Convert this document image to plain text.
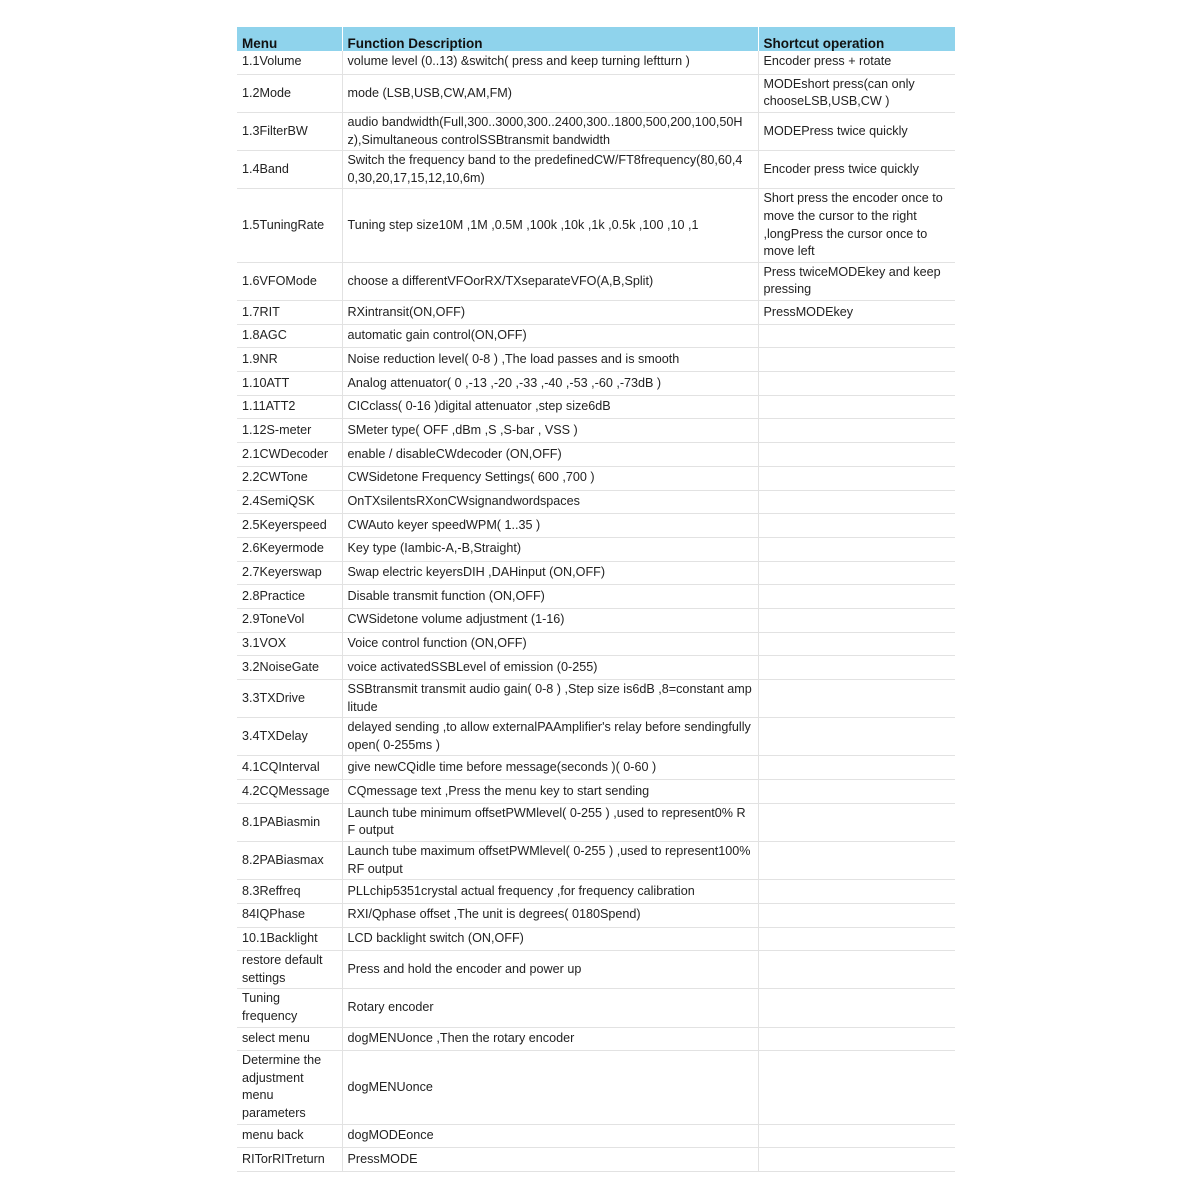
Menu	Function Description	Shortcut operation
1.1Volume	volume level (0..13) &switch( press and keep turning leftturn )	Encoder press + rotate
1.2Mode	mode (LSB,USB,CW,AM,FM)	MODEshort press(can only chooseLSB,USB,CW )
1.3FilterBW	audio bandwidth(Full,300..3000,300..2400,300..1800,500,200,100,50Hz),Simultaneous controlSSBtransmit bandwidth	MODEPress twice quickly
1.4Band	Switch the frequency band to the predefinedCW/FT8frequency(80,60,40,30,20,17,15,12,10,6m)	Encoder press twice quickly
1.5TuningRate	Tuning step size10M ,1M ,0.5M ,100k ,10k ,1k ,0.5k ,100 ,10 ,1	Short press the encoder once to move the cursor to the right ,longPress the cursor once to move left
1.6VFOMode	choose a differentVFOorRX/TXseparateVFO(A,B,Split)	Press twiceMODEkey and keep pressing
1.7RIT	RXintransit(ON,OFF)	PressMODEkey
1.8AGC	automatic gain control(ON,OFF)	
1.9NR	Noise reduction level( 0-8 ) ,The load passes and is smooth	
1.10ATT	Analog attenuator( 0 ,-13 ,-20 ,-33 ,-40 ,-53 ,-60 ,-73dB )	
1.11ATT2	CICclass( 0-16 )digital attenuator ,step size6dB	
1.12S-meter	SMeter type( OFF ,dBm ,S ,S-bar , VSS )	
2.1CWDecoder	enable / disableCWdecoder (ON,OFF)	
2.2CWTone	CWSidetone Frequency Settings( 600 ,700 )	
2.4SemiQSK	OnTXsilentsRXonCWsignandwordspaces	
2.5Keyerspeed	CWAuto keyer speedWPM( 1..35 )	
2.6Keyermode	Key type (Iambic-A,-B,Straight)	
2.7Keyerswap	Swap electric keyersDIH ,DAHinput (ON,OFF)	
2.8Practice	Disable transmit function (ON,OFF)	
2.9ToneVol	CWSidetone volume adjustment (1-16)	
3.1VOX	Voice control function (ON,OFF)	
3.2NoiseGate	voice activatedSSBLevel of emission (0-255)	
3.3TXDrive	SSBtransmit transmit audio gain( 0-8 ) ,Step size is6dB ,8=constant amplitude	
3.4TXDelay	delayed sending ,to allow externalPAAmplifier's relay before sendingfully open( 0-255ms )	
4.1CQInterval	give newCQidle time before message(seconds )( 0-60 )	
4.2CQMessage	CQmessage text ,Press the menu key to start sending	
8.1PABiasmin	Launch tube minimum offsetPWMlevel( 0-255 ) ,used to represent0% RF output	
8.2PABiasmax	Launch tube maximum offsetPWMlevel( 0-255 ) ,used to represent100% RF output	
8.3Reffreq	PLLchip5351crystal actual frequency ,for frequency calibration	
84IQPhase	RXI/Qphase offset ,The unit is degrees( 0180Spend)	
10.1Backlight	LCD backlight switch (ON,OFF)	
restore default settings	Press and hold the encoder and power up	
Tuning frequency	Rotary encoder	
select menu	dogMENUonce ,Then the rotary encoder	
Determine the adjustment menu parameters	dogMENUonce	
menu back	dogMODEonce	
RITorRITreturn	PressMODE	
